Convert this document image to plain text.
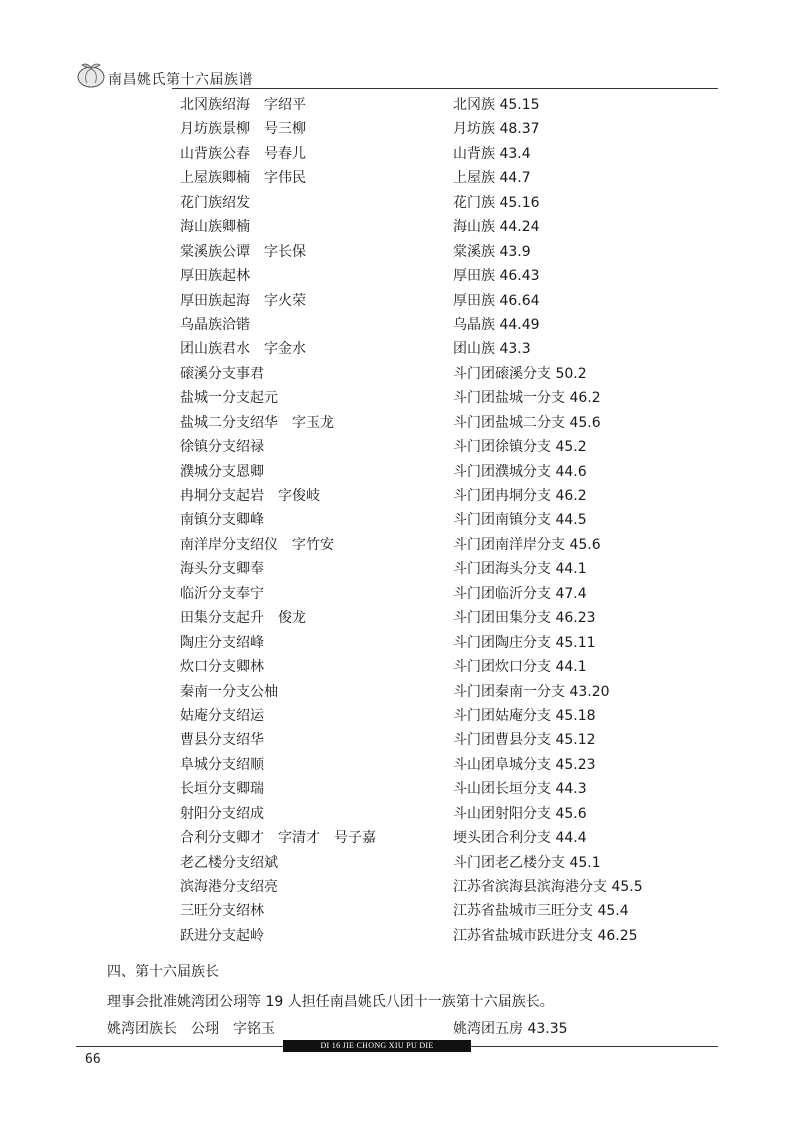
南昌姚氏第十六届族谱
北冈族绍海　字绍平	北冈族 45.15
月坊族景柳　号三柳	月坊族 48.37
山背族公春　号春儿	山背族 43.4
上屋族卿楠　字伟民	上屋族 44.7
花门族绍发	花门族 45.16
海山族卿楠	海山族 44.24
棠溪族公谭　字长保	棠溪族 43.9
厚田族起林	厚田族 46.43
厚田族起海　字火荣	厚田族 46.64
乌晶族洽锴	乌晶族 44.49
团山族君水　字金水	团山族 43.3
磙溪分支事君	斗门团磙溪分支 50.2
盐城一分支起元	斗门团盐城一分支 46.2
盐城二分支绍华　字玉龙	斗门团盐城二分支 45.6
徐镇分支绍禄	斗门团徐镇分支 45.2
濮城分支恩卿	斗门团濮城分支 44.6
冉垌分支起岩　字俊岐	斗门团冉垌分支 46.2
南镇分支卿峰	斗门团南镇分支 44.5
南洋岸分支绍仪　字竹安	斗门团南洋岸分支 45.6
海头分支卿奉	斗门团海头分支 44.1
临沂分支奉宁	斗门团临沂分支 47.4
田集分支起升　俊龙	斗门团田集分支 46.23
陶庄分支绍峰	斗门团陶庄分支 45.11
炊口分支卿林	斗门团炊口分支 44.1
秦南一分支公柚	斗门团秦南一分支 43.20
姑庵分支绍运	斗门团姑庵分支 45.18
曹县分支绍华	斗门团曹县分支 45.12
阜城分支绍顺	斗山团阜城分支 45.23
长垣分支卿瑞	斗山团长垣分支 44.3
射阳分支绍成	斗山团射阳分支 45.6
合利分支卿才　字清才　号子嘉	埂头团合利分支 44.4
老乙楼分支绍斌	斗门团老乙楼分支 45.1
滨海港分支绍亮	江苏省滨海县滨海港分支 45.5
三旺分支绍林	江苏省盐城市三旺分支 45.4
跃进分支起岭	江苏省盐城市跃进分支 46.25
四、第十六届族长
理事会批准姚湾团公珝等 19 人担任南昌姚氏八团十一族第十六届族长。
姚湾团族长　公珝　字铭玉	姚湾团五房 43.35
DI 16 JIE CHONG XIU PU DIE
66
